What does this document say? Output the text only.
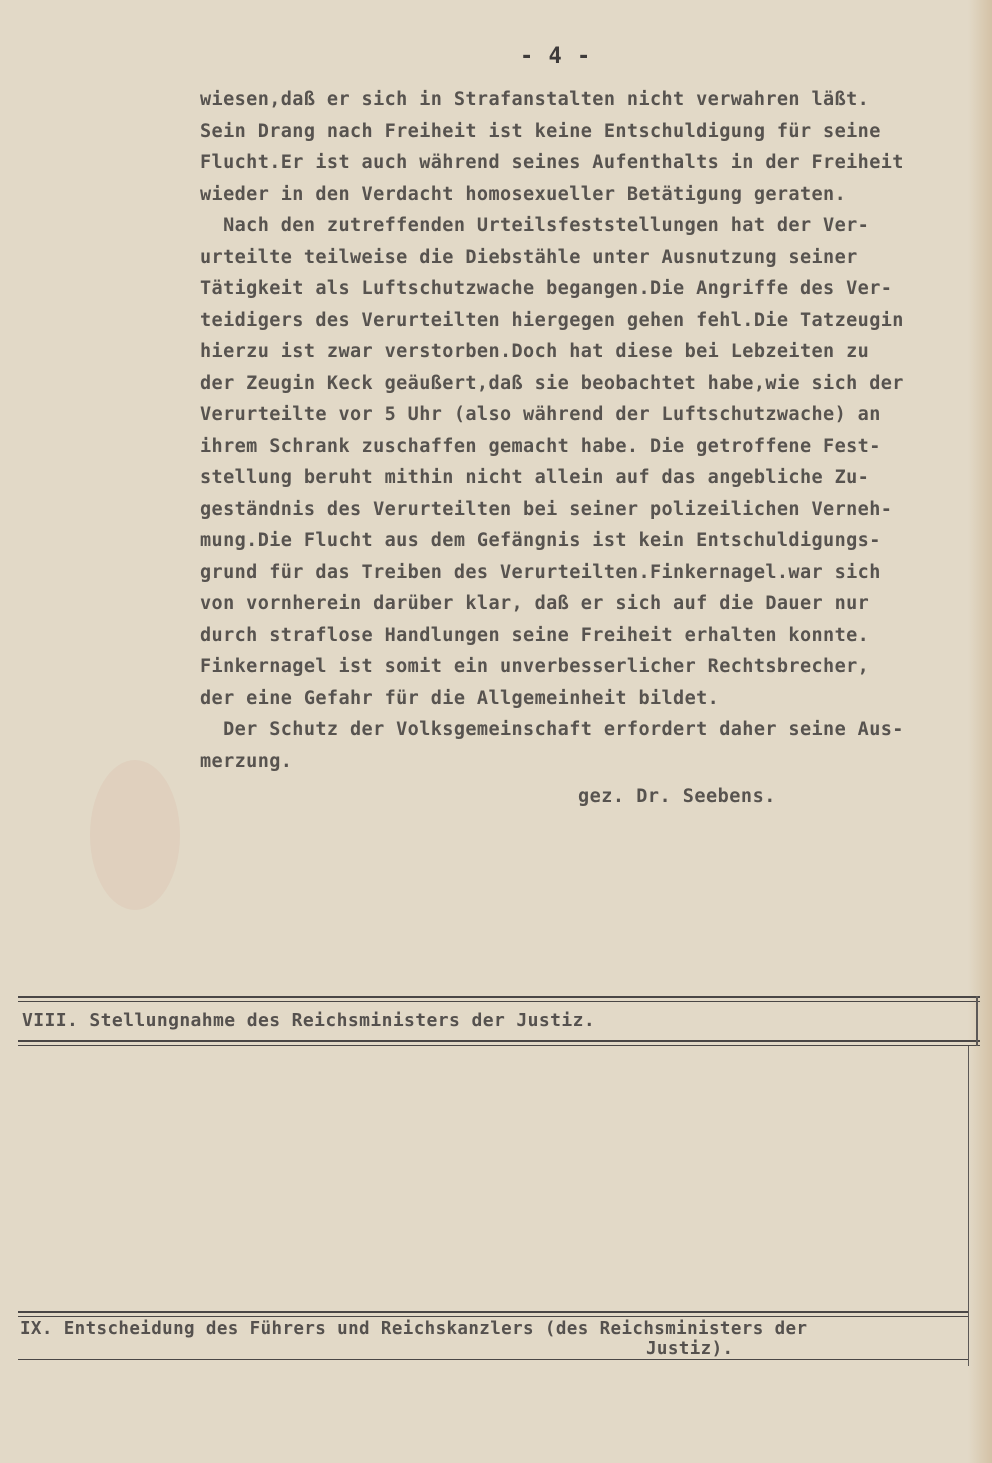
- 4 -
wiesen,daß er sich in Strafanstalten nicht verwahren läßt.
Sein Drang nach Freiheit ist keine Entschuldigung für seine
Flucht.Er ist auch während seines Aufenthalts in der Freiheit
wieder in den Verdacht homosexueller Betätigung geraten.
Nach den zutreffenden Urteilsfeststellungen hat der Ver-
urteilte teilweise die Diebstähle unter Ausnutzung seiner
Tätigkeit als Luftschutzwache begangen.Die Angriffe des Ver-
teidigers des Verurteilten hiergegen gehen fehl.Die Tatzeugin
hierzu ist zwar verstorben.Doch hat diese bei Lebzeiten zu
der Zeugin Keck geäußert,daß sie beobachtet habe,wie sich der
Verurteilte vor 5 Uhr (also während der Luftschutzwache) an
ihrem Schrank zuschaffen gemacht habe. Die getroffene Fest-
stellung beruht mithin nicht allein auf das angebliche Zu-
geständnis des Verurteilten bei seiner polizeilichen Verneh-
mung.Die Flucht aus dem Gefängnis ist kein Entschuldigungs-
grund für das Treiben des Verurteilten.Finkernagel.war sich
von vornherein darüber klar, daß er sich auf die Dauer nur
durch straflose Handlungen seine Freiheit erhalten konnte.
Finkernagel ist somit ein unverbesserlicher Rechtsbrecher,
der eine Gefahr für die Allgemeinheit bildet.
Der Schutz der Volksgemeinschaft erfordert daher seine Aus-
merzung.
gez. Dr. Seebens.
VIII. Stellungnahme des Reichsministers der Justiz.
IX. Entscheidung des Führers und Reichskanzlers (des Reichsministers der
Justiz).
